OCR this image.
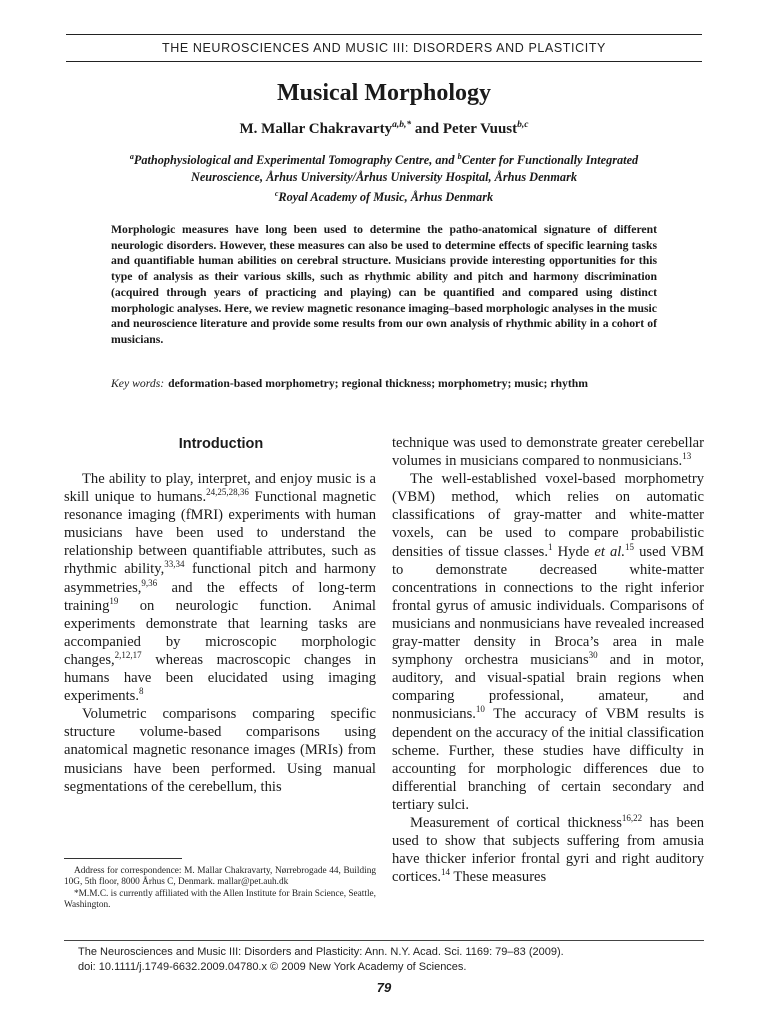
THE NEUROSCIENCES AND MUSIC III: DISORDERS AND PLASTICITY
Musical Morphology
M. Mallar Chakravarty$^{a,b,*}$ and Peter Vuust$^{b,c}$
$^a$Pathophysiological and Experimental Tomography Centre, and $^b$Center for Functionally Integrated Neuroscience, Århus University/Århus University Hospital, Århus Denmark
$^c$Royal Academy of Music, Århus Denmark

Morphologic measures have long been used to determine the patho-anatomical signature of different neurologic disorders. However, these measures can also be used to determine effects of specific learning tasks and quantifiable human abilities on cerebral structure. Musicians provide interesting opportunities for this type of analysis as their various skills, such as rhythmic ability and pitch and harmony discrimination (acquired through years of practicing and playing) can be quantified and compared using distinct morphologic analyses. Here, we review magnetic resonance imaging–based morphologic analyses in the music and neuroscience literature and provide some results from our own analysis of rhythmic ability in a cohort of musicians.

Key words: deformation-based morphometry; regional thickness; morphometry; music; rhythm

Introduction

The ability to play, interpret, and enjoy music is a skill unique to humans.$^{24,25,28,36}$ Functional magnetic resonance imaging (fMRI) experiments with human musicians have been used to understand the relationship between quantifiable attributes, such as rhythmic ability,$^{33,34}$ functional pitch and harmony asymmetries,$^{9,36}$ and the effects of long-term training$^{19}$ on neurologic function. Animal experiments demonstrate that learning tasks are accompanied by microscopic morphologic changes,$^{2,12,17}$ whereas macroscopic changes in humans have been elucidated using imaging experiments.$^8$

Volumetric comparisons comparing specific structure volume-based comparisons using anatomical magnetic resonance images (MRIs) from musicians have been performed. Using manual segmentations of the cerebellum, this

technique was used to demonstrate greater cerebellar volumes in musicians compared to nonmusicians.$^{13}$

The well-established voxel-based morphometry (VBM) method, which relies on automatic classifications of gray-matter and white-matter voxels, can be used to compare probabilistic densities of tissue classes.$^1$ Hyde et al.$^{15}$ used VBM to demonstrate decreased white-matter concentrations in connections to the right inferior frontal gyrus of amusic individuals. Comparisons of musicians and nonmusicians have revealed increased gray-matter density in Broca’s area in male symphony orchestra musicians$^{30}$ and in motor, auditory, and visual-spatial brain regions when comparing professional, amateur, and nonmusicians.$^{10}$ The accuracy of VBM results is dependent on the accuracy of the initial classification scheme. Further, these studies have difficulty in accounting for morphologic differences due to differential branching of certain secondary and tertiary sulci.

Measurement of cortical thickness$^{16,22}$ has been used to show that subjects suffering from amusia have thicker inferior frontal gyri and right auditory cortices.$^{14}$ These measures

Address for correspondence: M. Mallar Chakravarty, Nørrebrogade 44, Building 10G, 5th floor, 8000 Århus C, Denmark. mallar@pet.auh.dk

*M.M.C. is currently affiliated with the Allen Institute for Brain Science, Seattle, Washington.

The Neurosciences and Music III: Disorders and Plasticity: Ann. N.Y. Acad. Sci. 1169: 79–83 (2009).
doi: 10.1111/j.1749-6632.2009.04780.x © 2009 New York Academy of Sciences.
79
